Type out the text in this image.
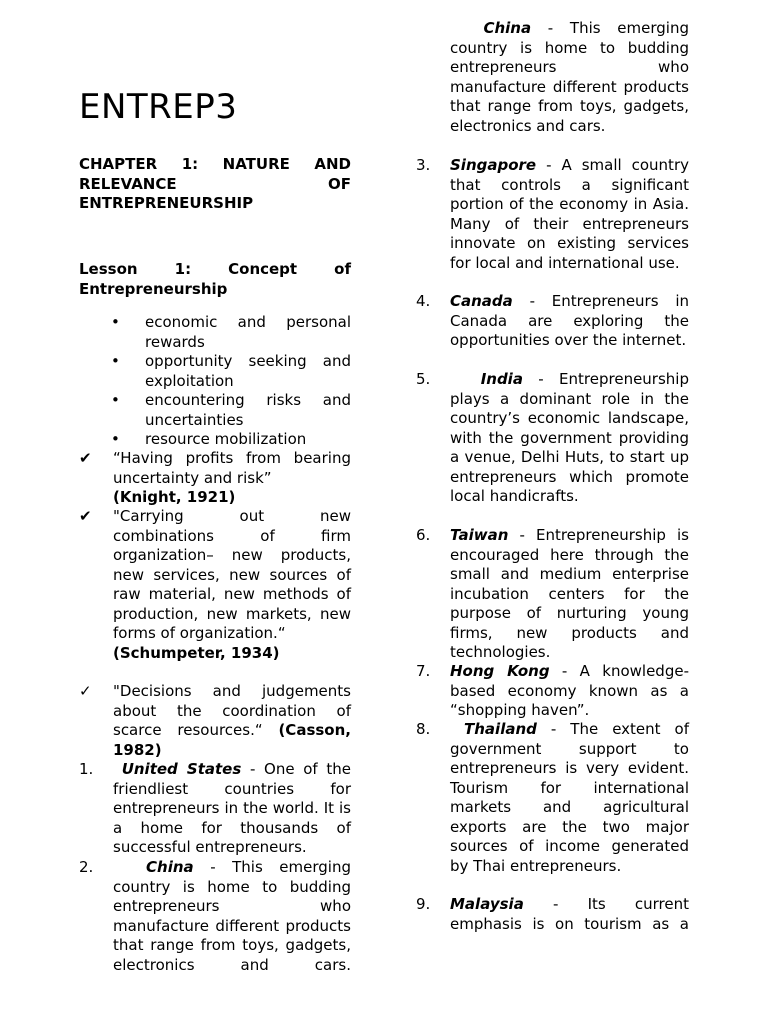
ENTREP3
CHAPTER 1: NATURE AND RELEVANCE OF ENTREPRENEURSHIP
Lesson 1: Concept of Entrepreneurship
• economic and personal rewards
• opportunity seeking and exploitation
• encountering risks and uncertainties
• resource mobilization
✔	“Having profits from bearing uncertainty and risk”
(Knight, 1921)
✔	"Carrying out new combinations of firm organization– new products, new services, new sources of raw material, new methods of production, new markets, new forms of organization.“
(Schumpeter, 1934)
✓	"Decisions and judgements about the coordination of scarce resources.“ (Casson, 1982)
1.	United States - One of the friendliest countries for entrepreneurs in the world. It is a home for thousands of successful entrepreneurs.
2.	China - This emerging country is home to budding entrepreneurs who manufacture different products that range from toys, gadgets, electronics and cars.
China - This emerging country is home to budding entrepreneurs who manufacture different products that range from toys, gadgets, electronics and cars.
3.	Singapore - A small country that controls a significant portion of the economy in Asia. Many of their entrepreneurs innovate on existing services for local and international use.
4.	Canada - Entrepreneurs in Canada are exploring the opportunities over the internet.
5.	India - Entrepreneurship plays a dominant role in the country’s economic landscape, with the government providing a venue, Delhi Huts, to start up entrepreneurs which promote local handicrafts.
6.	Taiwan - Entrepreneurship is encouraged here through the small and medium enterprise incubation centers for the purpose of nurturing young firms, new products and technologies.
7.	Hong Kong - A knowledge-based economy known as a “shopping haven”.
8.	Thailand - The extent of government support to entrepreneurs is very evident. Tourism for international markets and agricultural exports are the two major sources of income generated by Thai entrepreneurs.
9.	Malaysia - Its current emphasis is on tourism as a
